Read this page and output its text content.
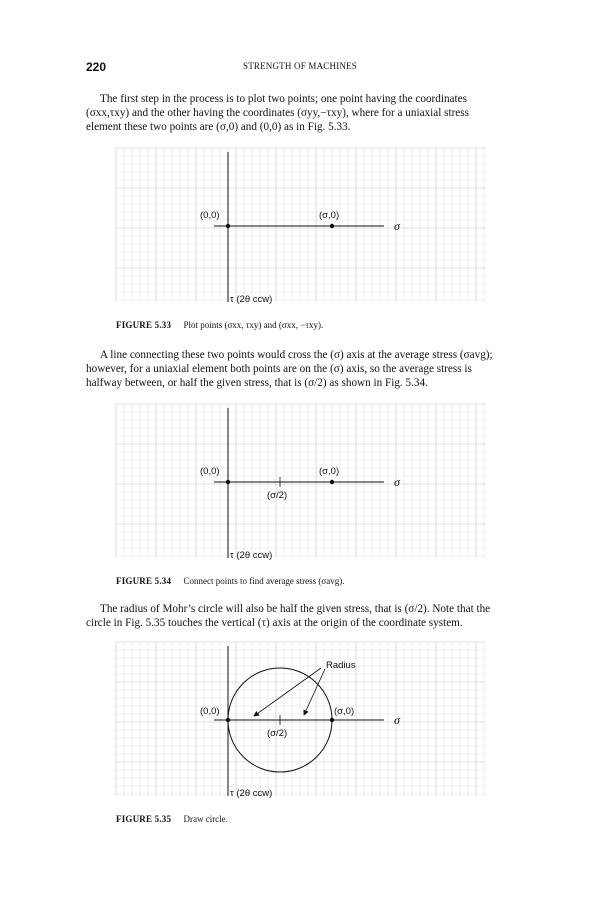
220	STRENGTH OF MACHINES

The first step in the process is to plot two points; one point having the coordinates
(σxx,τxy) and the other having the coordinates (σyy,−τxy), where for a uniaxial stress
element these two points are (σ,0) and (0,0) as in Fig. 5.33.

(0,0)	(σ,0)
σ
τ (2θ ccw)
FIGURE 5.33 Plot points (σxx, τxy) and (σxx, −τxy).

A line connecting these two points would cross the (σ) axis at the average stress (σavg);
however, for a uniaxial element both points are on the (σ) axis, so the average stress is
halfway between, or half the given stress, that is (σ/2) as shown in Fig. 5.34.

(0,0)	(σ,0)
(σ/2)
σ
τ (2θ ccw)
FIGURE 5.34 Connect points to find average stress (σavg).

The radius of Mohr’s circle will also be half the given stress, that is (σ/2). Note that the
circle in Fig. 5.35 touches the vertical (τ) axis at the origin of the coordinate system.

Radius
(0,0)	(σ,0)
(σ/2)
σ
τ (2θ ccw)
FIGURE 5.35 Draw circle.
